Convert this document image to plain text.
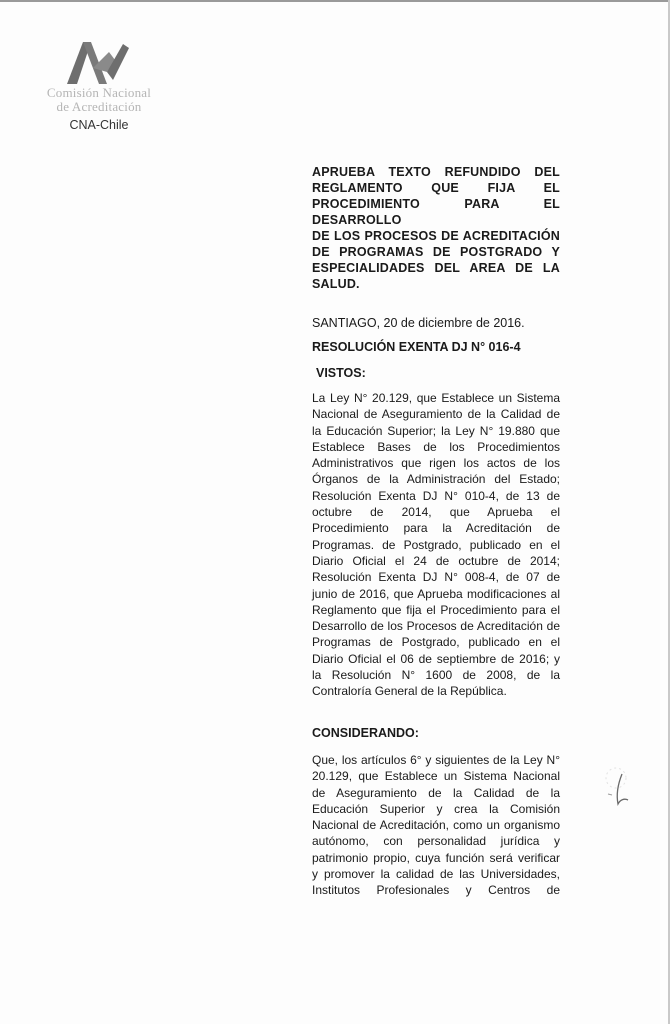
Comisión Nacional
de Acreditación
CNA-Chile
APRUEBA TEXTO REFUNDIDO DEL
REGLAMENTO QUE FIJA EL
PROCEDIMIENTO PARA EL DESARROLLO
DE LOS PROCESOS DE ACREDITACIÓN
DE PROGRAMAS DE POSTGRADO Y
ESPECIALIDADES DEL AREA DE LA
SALUD.
SANTIAGO, 20 de diciembre de 2016.
RESOLUCIÓN EXENTA DJ N° 016-4
VISTOS:
La Ley N° 20.129, que Establece un Sistema
Nacional de Aseguramiento de la Calidad de
la Educación Superior; la Ley N° 19.880 que
Establece Bases de los Procedimientos
Administrativos que rigen los actos de los
Órganos de la Administración del Estado;
Resolución Exenta DJ N° 010-4, de 13 de
octubre de 2014, que Aprueba el
Procedimiento para la Acreditación de
Programas. de Postgrado, publicado en el
Diario Oficial el 24 de octubre de 2014;
Resolución Exenta DJ N° 008-4, de 07 de
junio de 2016, que Aprueba modificaciones al
Reglamento que fija el Procedimiento para el
Desarrollo de los Procesos de Acreditación de
Programas de Postgrado, publicado en el
Diario Oficial el 06 de septiembre de 2016; y
la Resolución N° 1600 de 2008, de la
Contraloría General de la República.
CONSIDERANDO:
Que, los artículos 6° y siguientes de la Ley N°
20.129, que Establece un Sistema Nacional
de Aseguramiento de la Calidad de la
Educación Superior y crea la Comisión
Nacional de Acreditación, como un organismo
autónomo, con personalidad jurídica y
patrimonio propio, cuya función será verificar
y promover la calidad de las Universidades,
Institutos Profesionales y Centros de
